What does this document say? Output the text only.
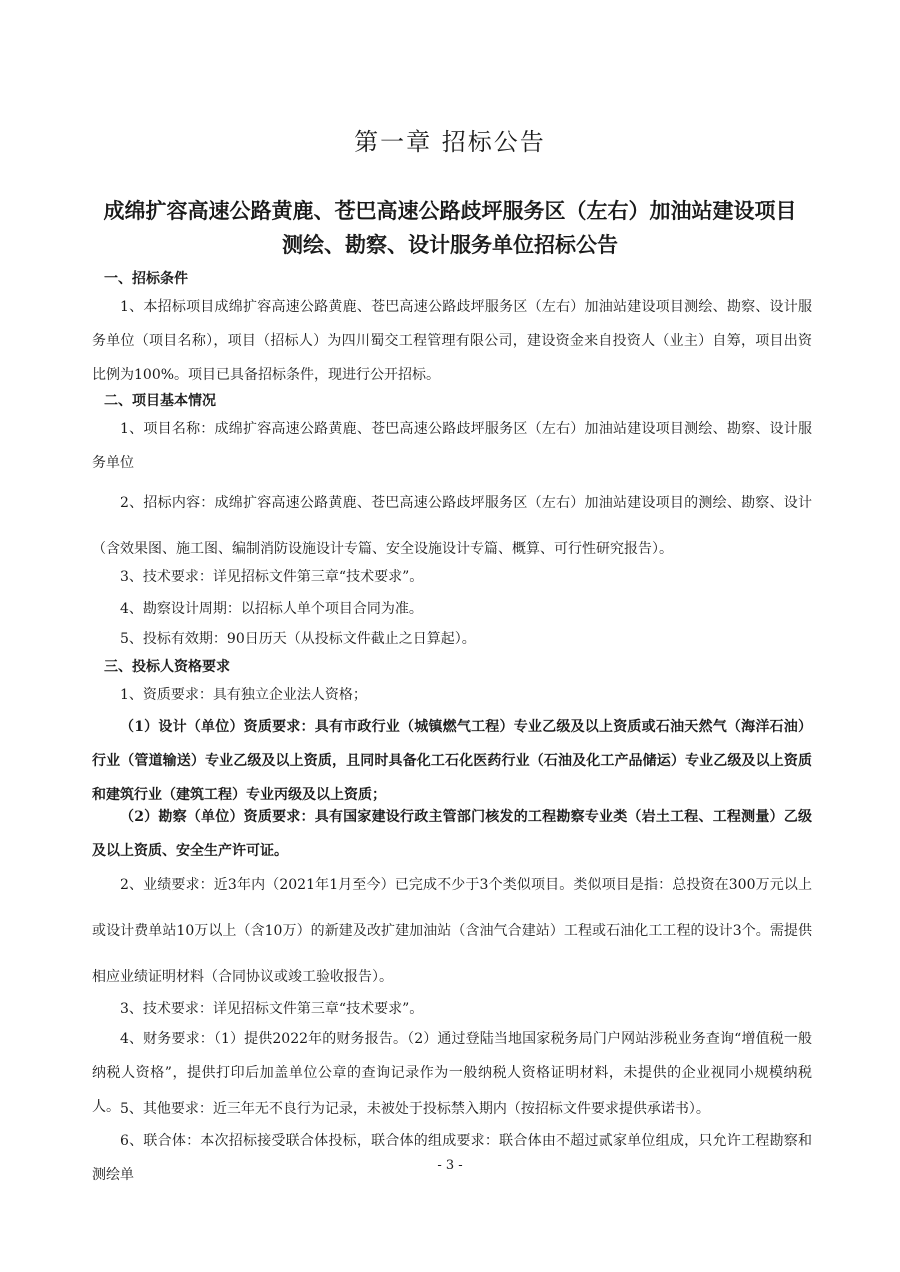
第一章 招标公告
成绵扩容高速公路黄鹿、苍巴高速公路歧坪服务区（左右）加油站建设项目
测绘、勘察、设计服务单位招标公告
一、招标条件
1、本招标项目成绵扩容高速公路黄鹿、苍巴高速公路歧坪服务区（左右）加油站建设项目测绘、勘察、设计服务单位（项目名称），项目（招标人）为四川蜀交工程管理有限公司，建设资金来自投资人（业主）自筹，项目出资比例为100%。项目已具备招标条件，现进行公开招标。
二、项目基本情况
1、项目名称：成绵扩容高速公路黄鹿、苍巴高速公路歧坪服务区（左右）加油站建设项目测绘、勘察、设计服务单位
2、招标内容：成绵扩容高速公路黄鹿、苍巴高速公路歧坪服务区（左右）加油站建设项目的测绘、勘察、设计（含效果图、施工图、编制消防设施设计专篇、安全设施设计专篇、概算、可行性研究报告）。
3、技术要求：详见招标文件第三章“技术要求”。
4、勘察设计周期：以招标人单个项目合同为准。
5、投标有效期：90日历天（从投标文件截止之日算起）。
三、投标人资格要求
1、资质要求：具有独立企业法人资格；
（1）设计（单位）资质要求：具有市政行业（城镇燃气工程）专业乙级及以上资质或石油天然气（海洋石油）行业（管道输送）专业乙级及以上资质，且同时具备化工石化医药行业（石油及化工产品储运）专业乙级及以上资质和建筑行业（建筑工程）专业丙级及以上资质；
（2）勘察（单位）资质要求：具有国家建设行政主管部门核发的工程勘察专业类（岩土工程、工程测量）乙级及以上资质、安全生产许可证。
2、业绩要求：近3年内（2021年1月至今）已完成不少于3个类似项目。类似项目是指：总投资在300万元以上或设计费单站10万以上（含10万）的新建及改扩建加油站（含油气合建站）工程或石油化工工程的设计3个。需提供相应业绩证明材料（合同协议或竣工验收报告）。
3、技术要求：详见招标文件第三章“技术要求”。
4、财务要求：（1）提供2022年的财务报告。（2）通过登陆当地国家税务局门户网站涉税业务查询“增值税一般纳税人资格”，提供打印后加盖单位公章的查询记录作为一般纳税人资格证明材料，未提供的企业视同小规模纳税人。 5、其他要求：近三年无不良行为记录，未被处于投标禁入期内（按招标文件要求提供承诺书）。
6、联合体：本次招标接受联合体投标，联合体的组成要求：联合体由不超过贰家单位组成，只允许工程勘察和测绘单
- 3 -
